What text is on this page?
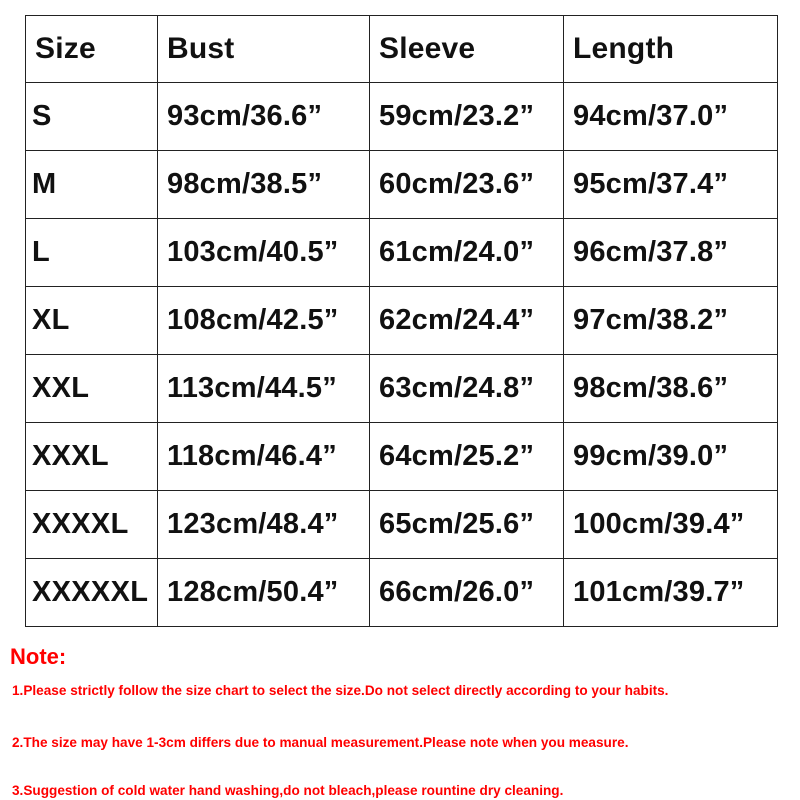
Size	Bust	Sleeve	Length
S	93cm/36.6”	59cm/23.2”	94cm/37.0”
M	98cm/38.5”	60cm/23.6”	95cm/37.4”
L	103cm/40.5”	61cm/24.0”	96cm/37.8”
XL	108cm/42.5”	62cm/24.4”	97cm/38.2”
XXL	113cm/44.5”	63cm/24.8”	98cm/38.6”
XXXL	118cm/46.4”	64cm/25.2”	99cm/39.0”
XXXXL	123cm/48.4”	65cm/25.6”	100cm/39.4”
XXXXXL	128cm/50.4”	66cm/26.0”	101cm/39.7”
Note:
1.Please strictly follow the size chart to select the size.Do not select directly according to your habits.
2.The size may have 1-3cm differs due to manual measurement.Please note when you measure.
3.Suggestion of cold water hand washing,do not bleach,please rountine dry cleaning.
